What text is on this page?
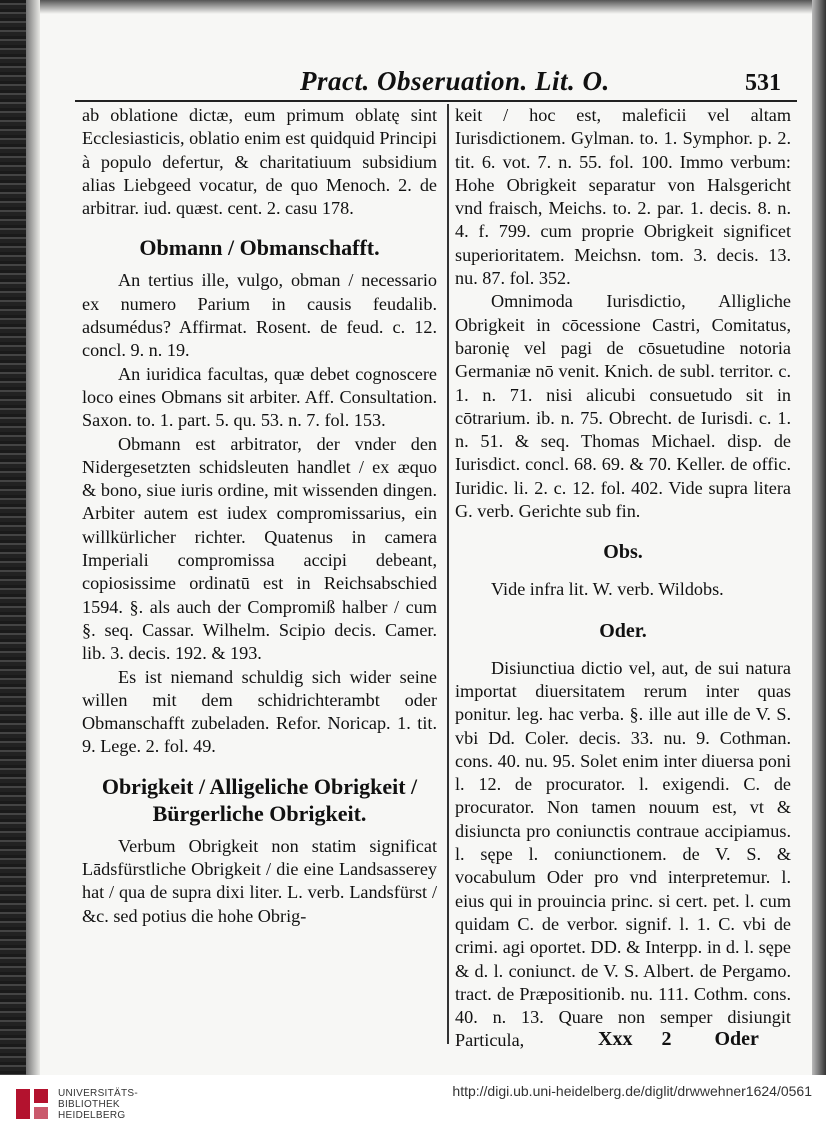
Pract. Obseruation. Lit. O.	531

ab oblatione dictæ, eum primum oblatę sint Ecclesiasticis, oblatio enim est quidquid Principi à populo defertur, & charitatiuum subsidium alias Liebgeed vocatur, de quo Menoch. 2. de arbitrar. iud. quæst. cent. 2. casu 178.

Obmann / Obmanschafft.

An tertius ille, vulgo, obman / necessario ex numero Parium in causis feudalib. adsumédus? Affirmat. Rosent. de feud. c. 12. concl. 9. n. 19.

An iuridica facultas, quæ debet cognoscere loco eines Obmans sit arbiter. Aff. Consultation. Saxon. to. 1. part. 5. qu. 53. n. 7. fol. 153.

Obmann est arbitrator, der vnder den Nidergesetzten schidsleuten handlet / ex æquo & bono, siue iuris ordine, mit wissenden dingen. Arbiter autem est iudex compromissarius, ein willkürlicher richter. Quatenus in camera Imperiali compromissa accipi debeant, copiosissime ordinatū est in Reichsabschied 1594. §. als auch der Compromiß halber / cum §. seq. Cassar. Wilhelm. Scipio decis. Camer. lib. 3. decis. 192. & 193.

Es ist niemand schuldig sich wider seine willen mit dem schidrichterambt oder Obmanschafft zubeladen. Refor. Noricap. 1. tit. 9. Lege. 2. fol. 49.

Obrigkeit / Alligeliche Obrigkeit / Bürgerliche Obrigkeit.

Verbum Obrigkeit non statim significat Lādsfürstliche Obrigkeit / die eine Landsasserey hat / qua de supra dixi liter. L. verb. Landsfürst / &c. sed potius die hohe Obrig-

keit / hoc est, maleficii vel altam Iurisdictionem. Gylman. to. 1. Symphor. p. 2. tit. 6. vot. 7. n. 55. fol. 100. Immo verbum: Hohe Obrigkeit separatur von Halsgericht vnd fraisch, Meichs. to. 2. par. 1. decis. 8. n. 4. f. 799. cum proprie Obrigkeit significet superioritatem. Meichsn. tom. 3. decis. 13. nu. 87. fol. 352.

Omnimoda Iurisdictio, Alligliche Obrigkeit in cōcessione Castri, Comitatus, baronię vel pagi de cōsuetudine notoria Germaniæ nō venit. Knich. de subl. territor. c. 1. n. 71. nisi alicubi consuetudo sit in cōtrarium. ib. n. 75. Obrecht. de Iurisdi. c. 1. n. 51. & seq. Thomas Michael. disp. de Iurisdict. concl. 68. 69. & 70. Keller. de offic. Iuridic. li. 2. c. 12. fol. 402. Vide supra litera G. verb. Gerichte sub fin.

Obs.

Vide infra lit. W. verb. Wildobs.

Oder.

Disiunctiua dictio vel, aut, de sui natura importat diuersitatem rerum inter quas ponitur. leg. hac verba. §. ille aut ille de V. S. vbi Dd. Coler. decis. 33. nu. 9. Cothman. cons. 40. nu. 95. Solet enim inter diuersa poni l. 12. de procurator. l. exigendi. C. de procurator. Non tamen nouum est, vt & disiuncta pro coniunctis contraue accipiamus. l. sępe l. coniunctionem. de V. S. & vocabulum Oder pro vnd interpretemur. l. eius qui in prouincia princ. si cert. pet. l. cum quidam C. de verbor. signif. l. 1. C. vbi de crimi. agi oportet. DD. & Interpp. in d. l. sępe & d. l. coniunct. de V. S. Albert. de Pergamo. tract. de Præpositionib. nu. 111. Cothm. cons. 40. n. 13. Quare non semper disiungit Particula,	Xxx 2 Oder
UNIVERSITÄTS-
BIBLIOTHEK
HEIDELBERG
http://digi.ub.uni-heidelberg.de/diglit/drwwehner1624/0561
